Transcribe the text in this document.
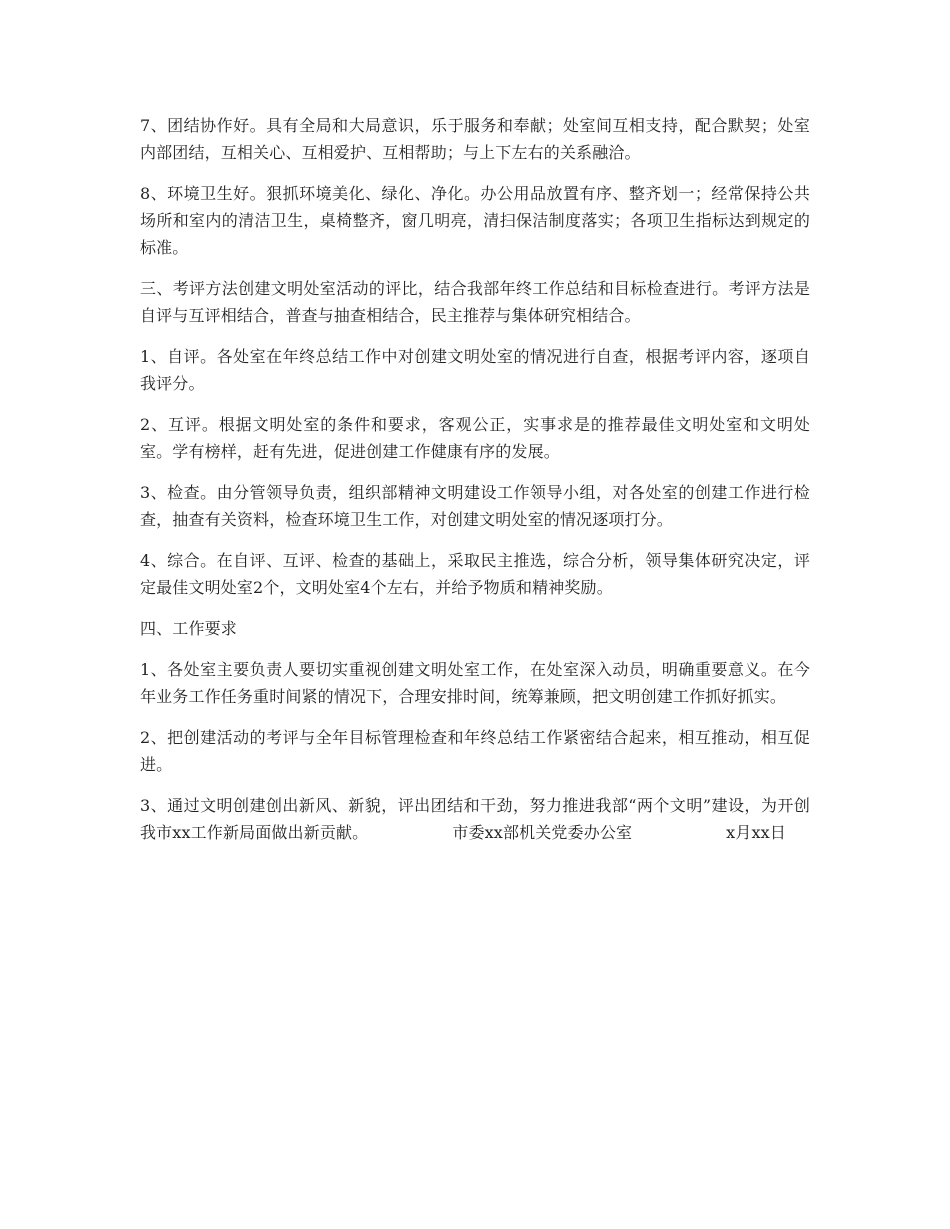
7、团结协作好。具有全局和大局意识，乐于服务和奉献；处室间互相支持，配合默契；处室内部团结，互相关心、互相爱护、互相帮助；与上下左右的关系融洽。

8、环境卫生好。狠抓环境美化、绿化、净化。办公用品放置有序、整齐划一；经常保持公共场所和室内的清洁卫生，桌椅整齐，窗几明亮，清扫保洁制度落实；各项卫生指标达到规定的标准。

三、考评方法创建文明处室活动的评比，结合我部年终工作总结和目标检查进行。考评方法是自评与互评相结合，普查与抽查相结合，民主推荐与集体研究相结合。

1、自评。各处室在年终总结工作中对创建文明处室的情况进行自查，根据考评内容，逐项自我评分。

2、互评。根据文明处室的条件和要求，客观公正，实事求是的推荐最佳文明处室和文明处室。学有榜样，赶有先进，促进创建工作健康有序的发展。

3、检查。由分管领导负责，组织部精神文明建设工作领导小组，对各处室的创建工作进行检查，抽查有关资料，检查环境卫生工作，对创建文明处室的情况逐项打分。

4、综合。在自评、互评、检查的基础上，采取民主推选，综合分析，领导集体研究决定，评定最佳文明处室2个，文明处室4个左右，并给予物质和精神奖励。

四、工作要求

1、各处室主要负责人要切实重视创建文明处室工作，在处室深入动员，明确重要意义。在今年业务工作任务重时间紧的情况下，合理安排时间，统筹兼顾，把文明创建工作抓好抓实。

2、把创建活动的考评与全年目标管理检查和年终总结工作紧密结合起来，相互推动，相互促进。

3、通过文明创建创出新风、新貌，评出团结和干劲，努力推进我部“两个文明”建设，为开创我市xx工作新局面做出新贡献。	市委xx部机关党委办公室	x月xx日
